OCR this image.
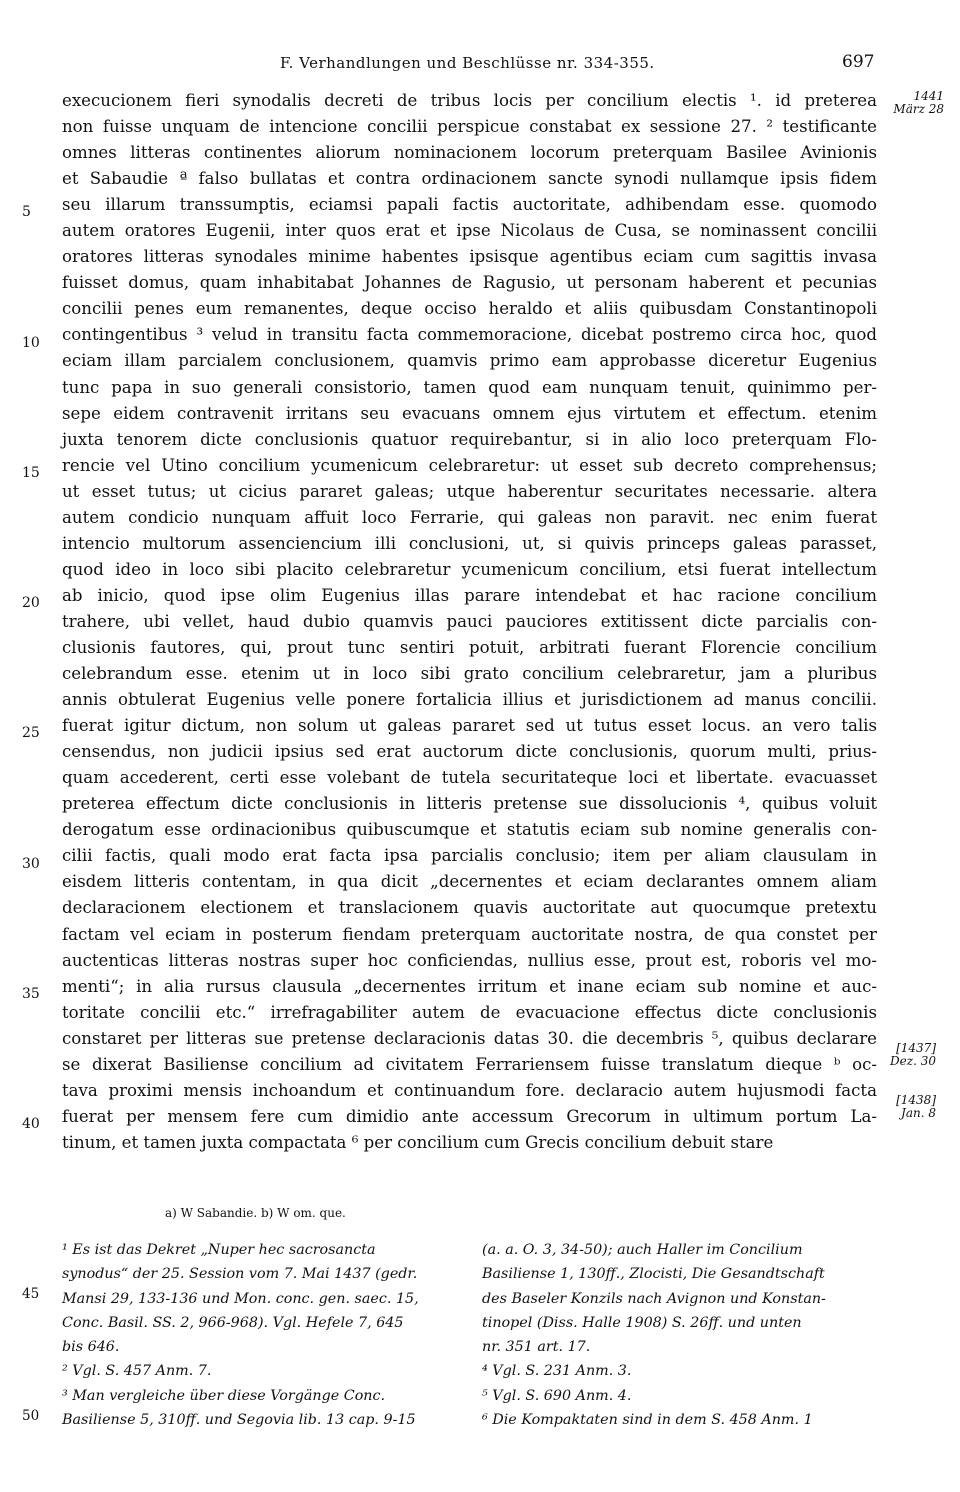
F. Verhandlungen und Beschlüsse nr. 334-355.	697
execucionem fieri synodalis decreti de tribus locis per concilium electis ¹. id preterea
non fuisse unquam de intencione concilii perspicue constabat ex sessione 27. ² testificante
omnes litteras continentes aliorum nominacionem locorum preterquam Basilee Avinionis
et Sabaudie ª falso bullatas et contra ordinacionem sancte synodi nullamque ipsis fidem
seu illarum transsumptis, eciamsi papali factis auctoritate, adhibendam esse. quomodo
autem oratores Eugenii, inter quos erat et ipse Nicolaus de Cusa, se nominassent concilii
oratores litteras synodales minime habentes ipsisque agentibus eciam cum sagittis invasa
fuisset domus, quam inhabitabat Johannes de Ragusio, ut personam haberent et pecunias
concilii penes eum remanentes, deque occiso heraldo et aliis quibusdam Constantinopoli
contingentibus ³ velud in transitu facta commemoracione, dicebat postremo circa hoc, quod
eciam illam parcialem conclusionem, quamvis primo eam approbasse diceretur Eugenius
tunc papa in suo generali consistorio, tamen quod eam nunquam tenuit, quinimmo per-
sepe eidem contravenit irritans seu evacuans omnem ejus virtutem et effectum. etenim
juxta tenorem dicte conclusionis quatuor requirebantur, si in alio loco preterquam Flo-
rencie vel Utino concilium ycumenicum celebraretur: ut esset sub decreto comprehensus;
ut esset tutus; ut cicius pararet galeas; utque haberentur securitates necessarie. altera
autem condicio nunquam affuit loco Ferrarie, qui galeas non paravit. nec enim fuerat
intencio multorum assenciencium illi conclusioni, ut, si quivis princeps galeas parasset,
quod ideo in loco sibi placito celebraretur ycumenicum concilium, etsi fuerat intellectum
ab inicio, quod ipse olim Eugenius illas parare intendebat et hac racione concilium
trahere, ubi vellet, haud dubio quamvis pauci pauciores extitissent dicte parcialis con-
clusionis fautores, qui, prout tunc sentiri potuit, arbitrati fuerant Florencie concilium
celebrandum esse. etenim ut in loco sibi grato concilium celebraretur, jam a pluribus
annis obtulerat Eugenius velle ponere fortalicia illius et jurisdictionem ad manus concilii.
fuerat igitur dictum, non solum ut galeas pararet sed ut tutus esset locus. an vero talis
censendus, non judicii ipsius sed erat auctorum dicte conclusionis, quorum multi, prius-
quam accederent, certi esse volebant de tutela securitateque loci et libertate. evacuasset
preterea effectum dicte conclusionis in litteris pretense sue dissolucionis ⁴, quibus voluit
derogatum esse ordinacionibus quibuscumque et statutis eciam sub nomine generalis con-
cilii factis, quali modo erat facta ipsa parcialis conclusio; item per aliam clausulam in
eisdem litteris contentam, in qua dicit „decernentes et eciam declarantes omnem aliam
declaracionem electionem et translacionem quavis auctoritate aut quocumque pretextu
factam vel eciam in posterum fiendam preterquam auctoritate nostra, de qua constet per
auctenticas litteras nostras super hoc conficiendas, nullius esse, prout est, roboris vel mo-
menti“; in alia rursus clausula „decernentes irritum et inane eciam sub nomine et auc-
toritate concilii etc.“ irrefragabiliter autem de evacuacione effectus dicte conclusionis
constaret per litteras sue pretense declaracionis datas 30. die decembris ⁵, quibus declarare
se dixerat Basiliense concilium ad civitatem Ferrariensem fuisse translatum dieque ᵇ oc-
tava proximi mensis inchoandum et continuandum fore. declaracio autem hujusmodi facta
fuerat per mensem fere cum dimidio ante accessum Grecorum in ultimum portum La-
tinum, et tamen juxta compactata ⁶ per concilium cum Grecis concilium debuit stare
5
10
15
20
25
30
35
40
1441
März 28
[1437]
Dez. 30
[1438]
Jan. 8
a) W Sabandie. b) W om. que.
¹ Es ist das Dekret „Nuper hec sacrosancta
synodus“ der 25. Session vom 7. Mai 1437 (gedr.
Mansi 29, 133-136 und Mon. conc. gen. saec. 15,
Conc. Basil. SS. 2, 966-968). Vgl. Hefele 7, 645
bis 646.
² Vgl. S. 457 Anm. 7.
³ Man vergleiche über diese Vorgänge Conc.
Basiliense 5, 310ff. und Segovia lib. 13 cap. 9-15
(a. a. O. 3, 34-50); auch Haller im Concilium
Basiliense 1, 130ff., Zlocisti, Die Gesandtschaft
des Baseler Konzils nach Avignon und Konstan-
tinopel (Diss. Halle 1908) S. 26ff. und unten
nr. 351 art. 17.
⁴ Vgl. S. 231 Anm. 3.
⁵ Vgl. S. 690 Anm. 4.
⁶ Die Kompaktaten sind in dem S. 458 Anm. 1
45
50
